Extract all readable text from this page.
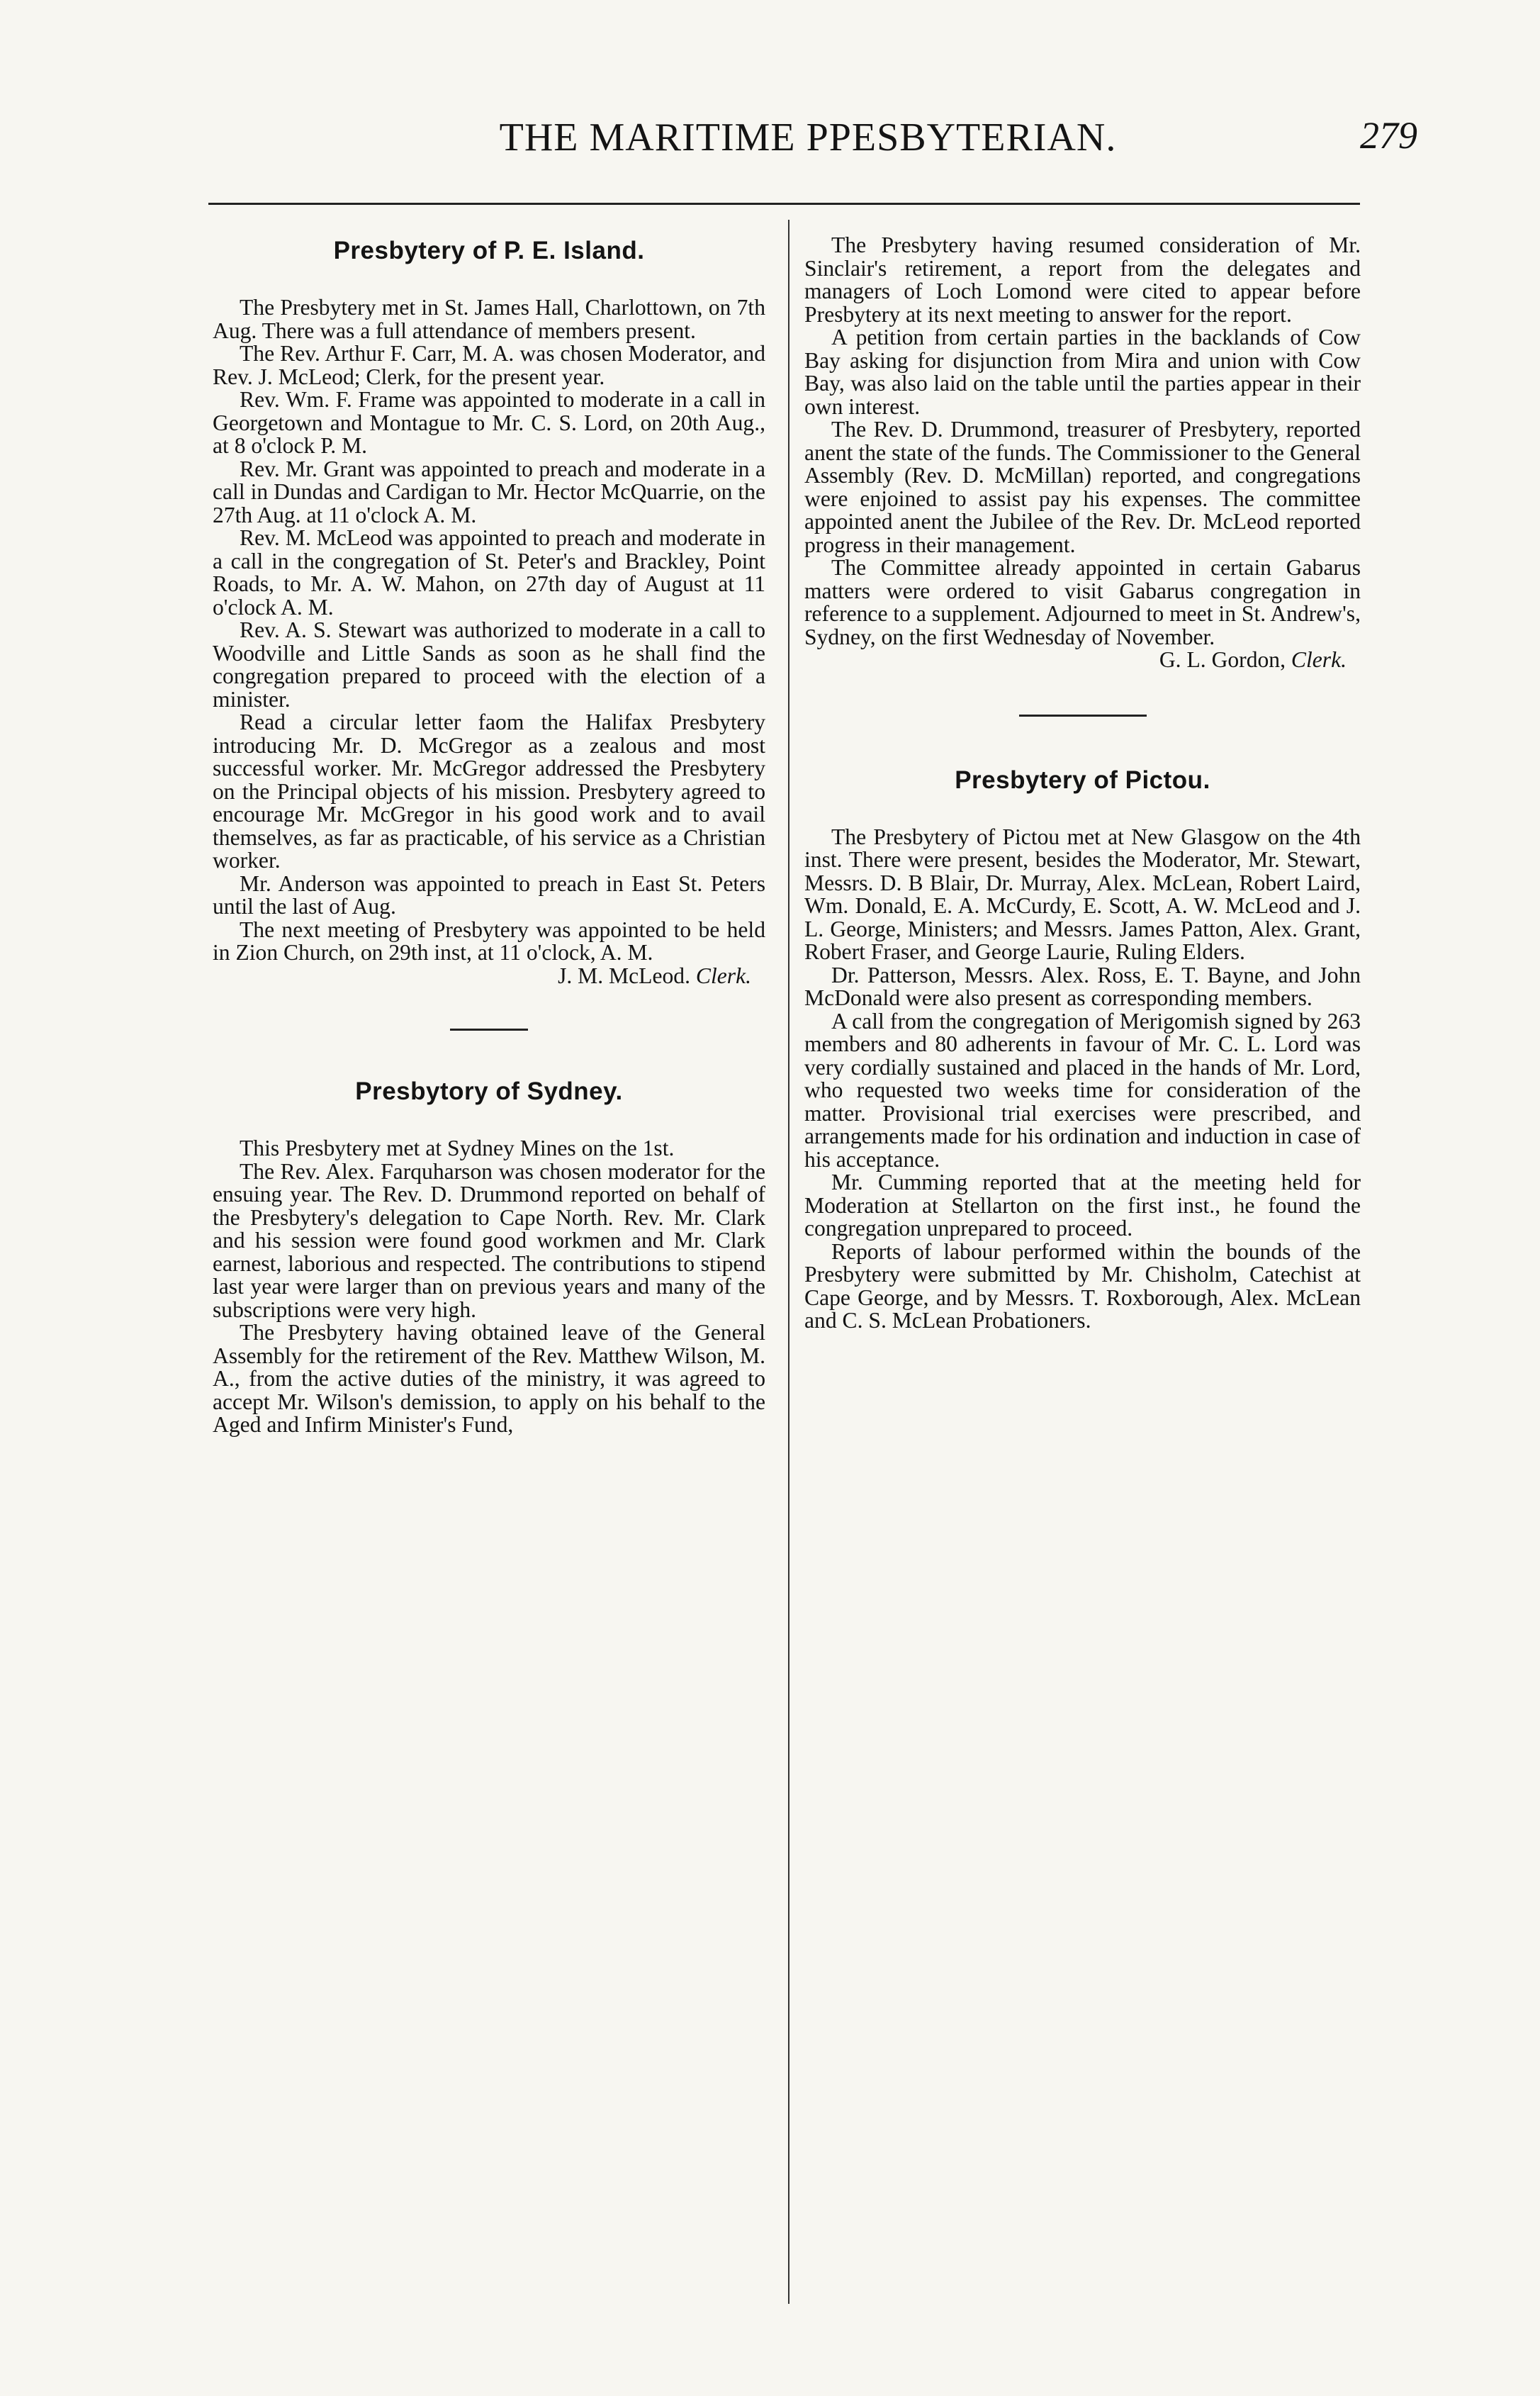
THE MARITIME PPESBYTERIAN.	279
Presbytery of P. E. Island.

The Presbytery met in St. James Hall, Charlottown, on 7th Aug. There was a full attendance of members present.

The Rev. Arthur F. Carr, M. A. was chosen Moderator, and Rev. J. McLeod; Clerk, for the present year.

Rev. Wm. F. Frame was appointed to moderate in a call in Georgetown and Montague to Mr. C. S. Lord, on 20th Aug., at 8 o'clock P. M.

Rev. Mr. Grant was appointed to preach and moderate in a call in Dundas and Cardigan to Mr. Hector McQuarrie, on the 27th Aug. at 11 o'clock A. M.

Rev. M. McLeod was appointed to preach and moderate in a call in the congregation of St. Peter's and Brackley, Point Roads, to Mr. A. W. Mahon, on 27th day of August at 11 o'clock A. M.

Rev. A. S. Stewart was authorized to moderate in a call to Woodville and Little Sands as soon as he shall find the congregation prepared to proceed with the election of a minister.

Read a circular letter faom the Halifax Presbytery introducing Mr. D. McGregor as a zealous and most successful worker. Mr. McGregor addressed the Presbytery on the Principal objects of his mission. Presbytery agreed to encourage Mr. McGregor in his good work and to avail themselves, as far as practicable, of his service as a Christian worker.

Mr. Anderson was appointed to preach in East St. Peters until the last of Aug.

The next meeting of Presbytery was appointed to be held in Zion Church, on 29th inst, at 11 o'clock, A. M.

J. M. McLeod. Clerk.

Presbytory of Sydney.

This Presbytery met at Sydney Mines on the 1st.

The Rev. Alex. Farquharson was chosen moderator for the ensuing year. The Rev. D. Drummond reported on behalf of the Presbytery's delegation to Cape North. Rev. Mr. Clark and his session were found good workmen and Mr. Clark earnest, laborious and respected. The contributions to stipend last year were larger than on previous years and many of the subscriptions were very high.

The Presbytery having obtained leave of the General Assembly for the retirement of the Rev. Matthew Wilson, M. A., from the active duties of the ministry, it was agreed to accept Mr. Wilson's demission, to apply on his behalf to the Aged and Infirm Minister's Fund,

The Presbytery having resumed consideration of Mr. Sinclair's retirement, a report from the delegates and managers of Loch Lomond were cited to appear before Presbytery at its next meeting to answer for the report.

A petition from certain parties in the backlands of Cow Bay asking for disjunction from Mira and union with Cow Bay, was also laid on the table until the parties appear in their own interest.

The Rev. D. Drummond, treasurer of Presbytery, reported anent the state of the funds. The Commissioner to the General Assembly (Rev. D. McMillan) reported, and congregations were enjoined to assist pay his expenses. The committee appointed anent the Jubilee of the Rev. Dr. McLeod reported progress in their management.

The Committee already appointed in certain Gabarus matters were ordered to visit Gabarus congregation in reference to a supplement. Adjourned to meet in St. Andrew's, Sydney, on the first Wednesday of November.

G. L. Gordon, Clerk.

Presbytery of Pictou.

The Presbytery of Pictou met at New Glasgow on the 4th inst. There were present, besides the Moderator, Mr. Stewart, Messrs. D. B Blair, Dr. Murray, Alex. McLean, Robert Laird, Wm. Donald, E. A. McCurdy, E. Scott, A. W. McLeod and J. L. George, Ministers; and Messrs. James Patton, Alex. Grant, Robert Fraser, and George Laurie, Ruling Elders.

Dr. Patterson, Messrs. Alex. Ross, E. T. Bayne, and John McDonald were also present as corresponding members.

A call from the congregation of Merigomish signed by 263 members and 80 adherents in favour of Mr. C. L. Lord was very cordially sustained and placed in the hands of Mr. Lord, who requested two weeks time for consideration of the matter. Provisional trial exercises were prescribed, and arrangements made for his ordination and induction in case of his acceptance.

Mr. Cumming reported that at the meeting held for Moderation at Stellarton on the first inst., he found the congregation unprepared to proceed.

Reports of labour performed within the bounds of the Presbytery were submitted by Mr. Chisholm, Catechist at Cape George, and by Messrs. T. Roxborough, Alex. McLean and C. S. McLean Probationers.
